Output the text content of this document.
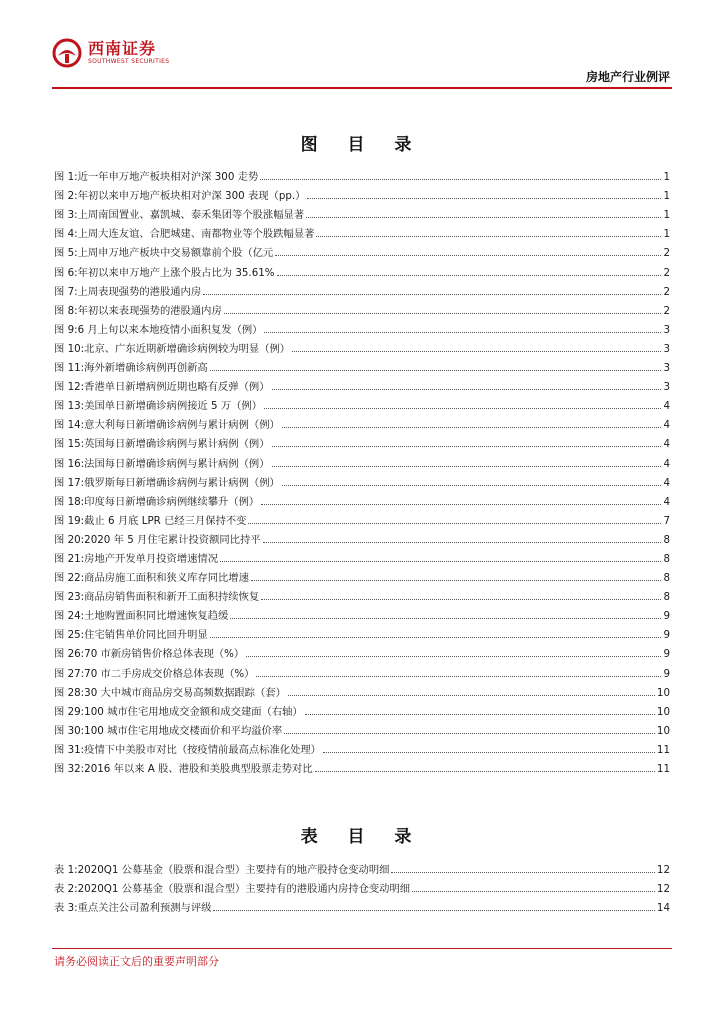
西南证券
SOUTHWEST SECURITIES
房地产行业例评
图 目 录
图 1: 近一年申万地产板块相对沪深 300 走势	1
图 2: 年初以来申万地产板块相对沪深 300 表现（pp.）	1
图 3: 上周南国置业、嘉凯城、泰禾集团等个股涨幅显著	1
图 4: 上周大连友谊、合肥城建、南都物业等个股跌幅显著	1
图 5: 上周申万地产板块中交易额靠前个股（亿元	2
图 6: 年初以来申万地产上涨个股占比为 35.61%	2
图 7: 上周表现强势的港股通内房	2
图 8: 年初以来表现强势的港股通内房	2
图 9: 6 月上旬以来本地疫情小面积复发（例）	3
图 10: 北京、广东近期新增确诊病例较为明显（例）	3
图 11: 海外新增确诊病例再创新高	3
图 12: 香港单日新增病例近期也略有反弹（例）	3
图 13: 美国单日新增确诊病例接近 5 万（例）	4
图 14: 意大利每日新增确诊病例与累计病例（例）	4
图 15: 英国每日新增确诊病例与累计病例（例）	4
图 16: 法国每日新增确诊病例与累计病例（例）	4
图 17: 俄罗斯每日新增确诊病例与累计病例（例）	4
图 18: 印度每日新增确诊病例继续攀升（例）	4
图 19: 截止 6 月底 LPR 已经三月保持不变	7
图 20: 2020 年 5 月住宅累计投资额同比持平	8
图 21: 房地产开发单月投资增速情况	8
图 22: 商品房施工面积和狭义库存同比增速	8
图 23: 商品房销售面积和新开工面积持续恢复	8
图 24: 土地购置面积同比增速恢复趋缓	9
图 25: 住宅销售单价同比回升明显	9
图 26: 70 市新房销售价格总体表现（%）	9
图 27: 70 市二手房成交价格总体表现（%）	9
图 28: 30 大中城市商品房交易高频数据跟踪（套）	10
图 29: 100 城市住宅用地成交金额和成交建面（右轴）	10
图 30: 100 城市住宅用地成交楼面价和平均溢价率	10
图 31: 疫情下中美股市对比（按疫情前最高点标准化处理）	11
图 32: 2016 年以来 A 股、港股和美股典型股票走势对比	11
表 目 录
表 1: 2020Q1 公募基金（股票和混合型）主要持有的地产股持仓变动明细	12
表 2: 2020Q1 公募基金（股票和混合型）主要持有的港股通内房持仓变动明细	12
表 3: 重点关注公司盈利预测与评级	14
请务必阅读正文后的重要声明部分
